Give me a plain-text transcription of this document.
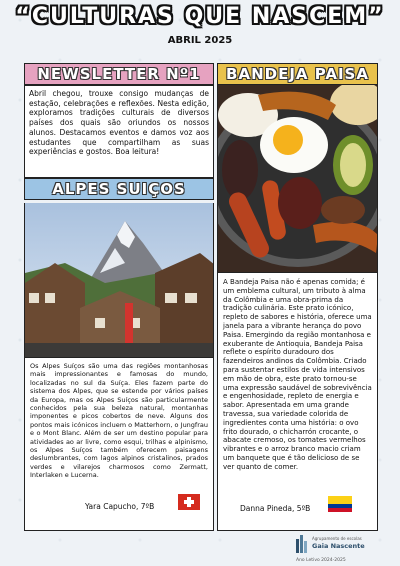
“CULTURAS QUE NASCEM”
ABRIL 2025
NEWSLETTER Nº1
Abril chegou, trouxe consigo mudanças de estação, celebrações e reflexões. Nesta edição, exploramos tradições culturais de diversos países dos quais são oriundos os nossos alunos. Destacamos eventos e damos voz aos estudantes que compartilham as suas experiências e gostos. Boa leitura!
BANDEJA PAISA
A Bandeja Paisa não é apenas comida; é um emblema cultural, um tributo à alma da Colômbia e uma obra-prima da tradição culinária. Este prato icónico, repleto de sabores e história, oferece uma janela para a vibrante herança do povo Paisa. Emergindo da região montanhosa e exuberante de Antioquia, Bandeja Paisa reflete o espírito duradouro dos fazendeiros andinos da Colômbia. Criado para sustentar estilos de vida intensivos em mão de obra, este prato tornou-se uma expressão saudável de sobrevivência e engenhosidade, repleto de energia e sabor. Apresentada em uma grande travessa, sua variedade colorida de ingredientes conta uma história: o ovo frito dourado, o chicharrón crocante, o abacate cremoso, os tomates vermelhos vibrantes e o arroz branco macio criam um banquete que é tão delicioso de se ver quanto de comer.
Danna Pineda, 5ºB
ALPES SUIÇOS
Os Alpes Suíços são uma das regiões montanhosas mais impressionantes e famosas do mundo, localizadas no sul da Suíça. Eles fazem parte do sistema dos Alpes, que se estende por vários países da Europa, mas os Alpes Suíços são particularmente conhecidos pela sua beleza natural, montanhas imponentes e picos cobertos de neve. Alguns dos pontos mais icónicos incluem o Matterhorn, o Jungfrau e o Mont Blanc. Além de ser um destino popular para atividades ao ar livre, como esqui, trilhas e alpinismo, os Alpes Suíços também oferecem paisagens deslumbrantes, com lagos alpinos cristalinos, prados verdes e vilarejos charmosos como Zermatt, Interlaken e Lucerna.
Yara Capucho, 7ºB
Agrupamento de escolas
Gaia Nascente
Ano Letivo 2024-2025
